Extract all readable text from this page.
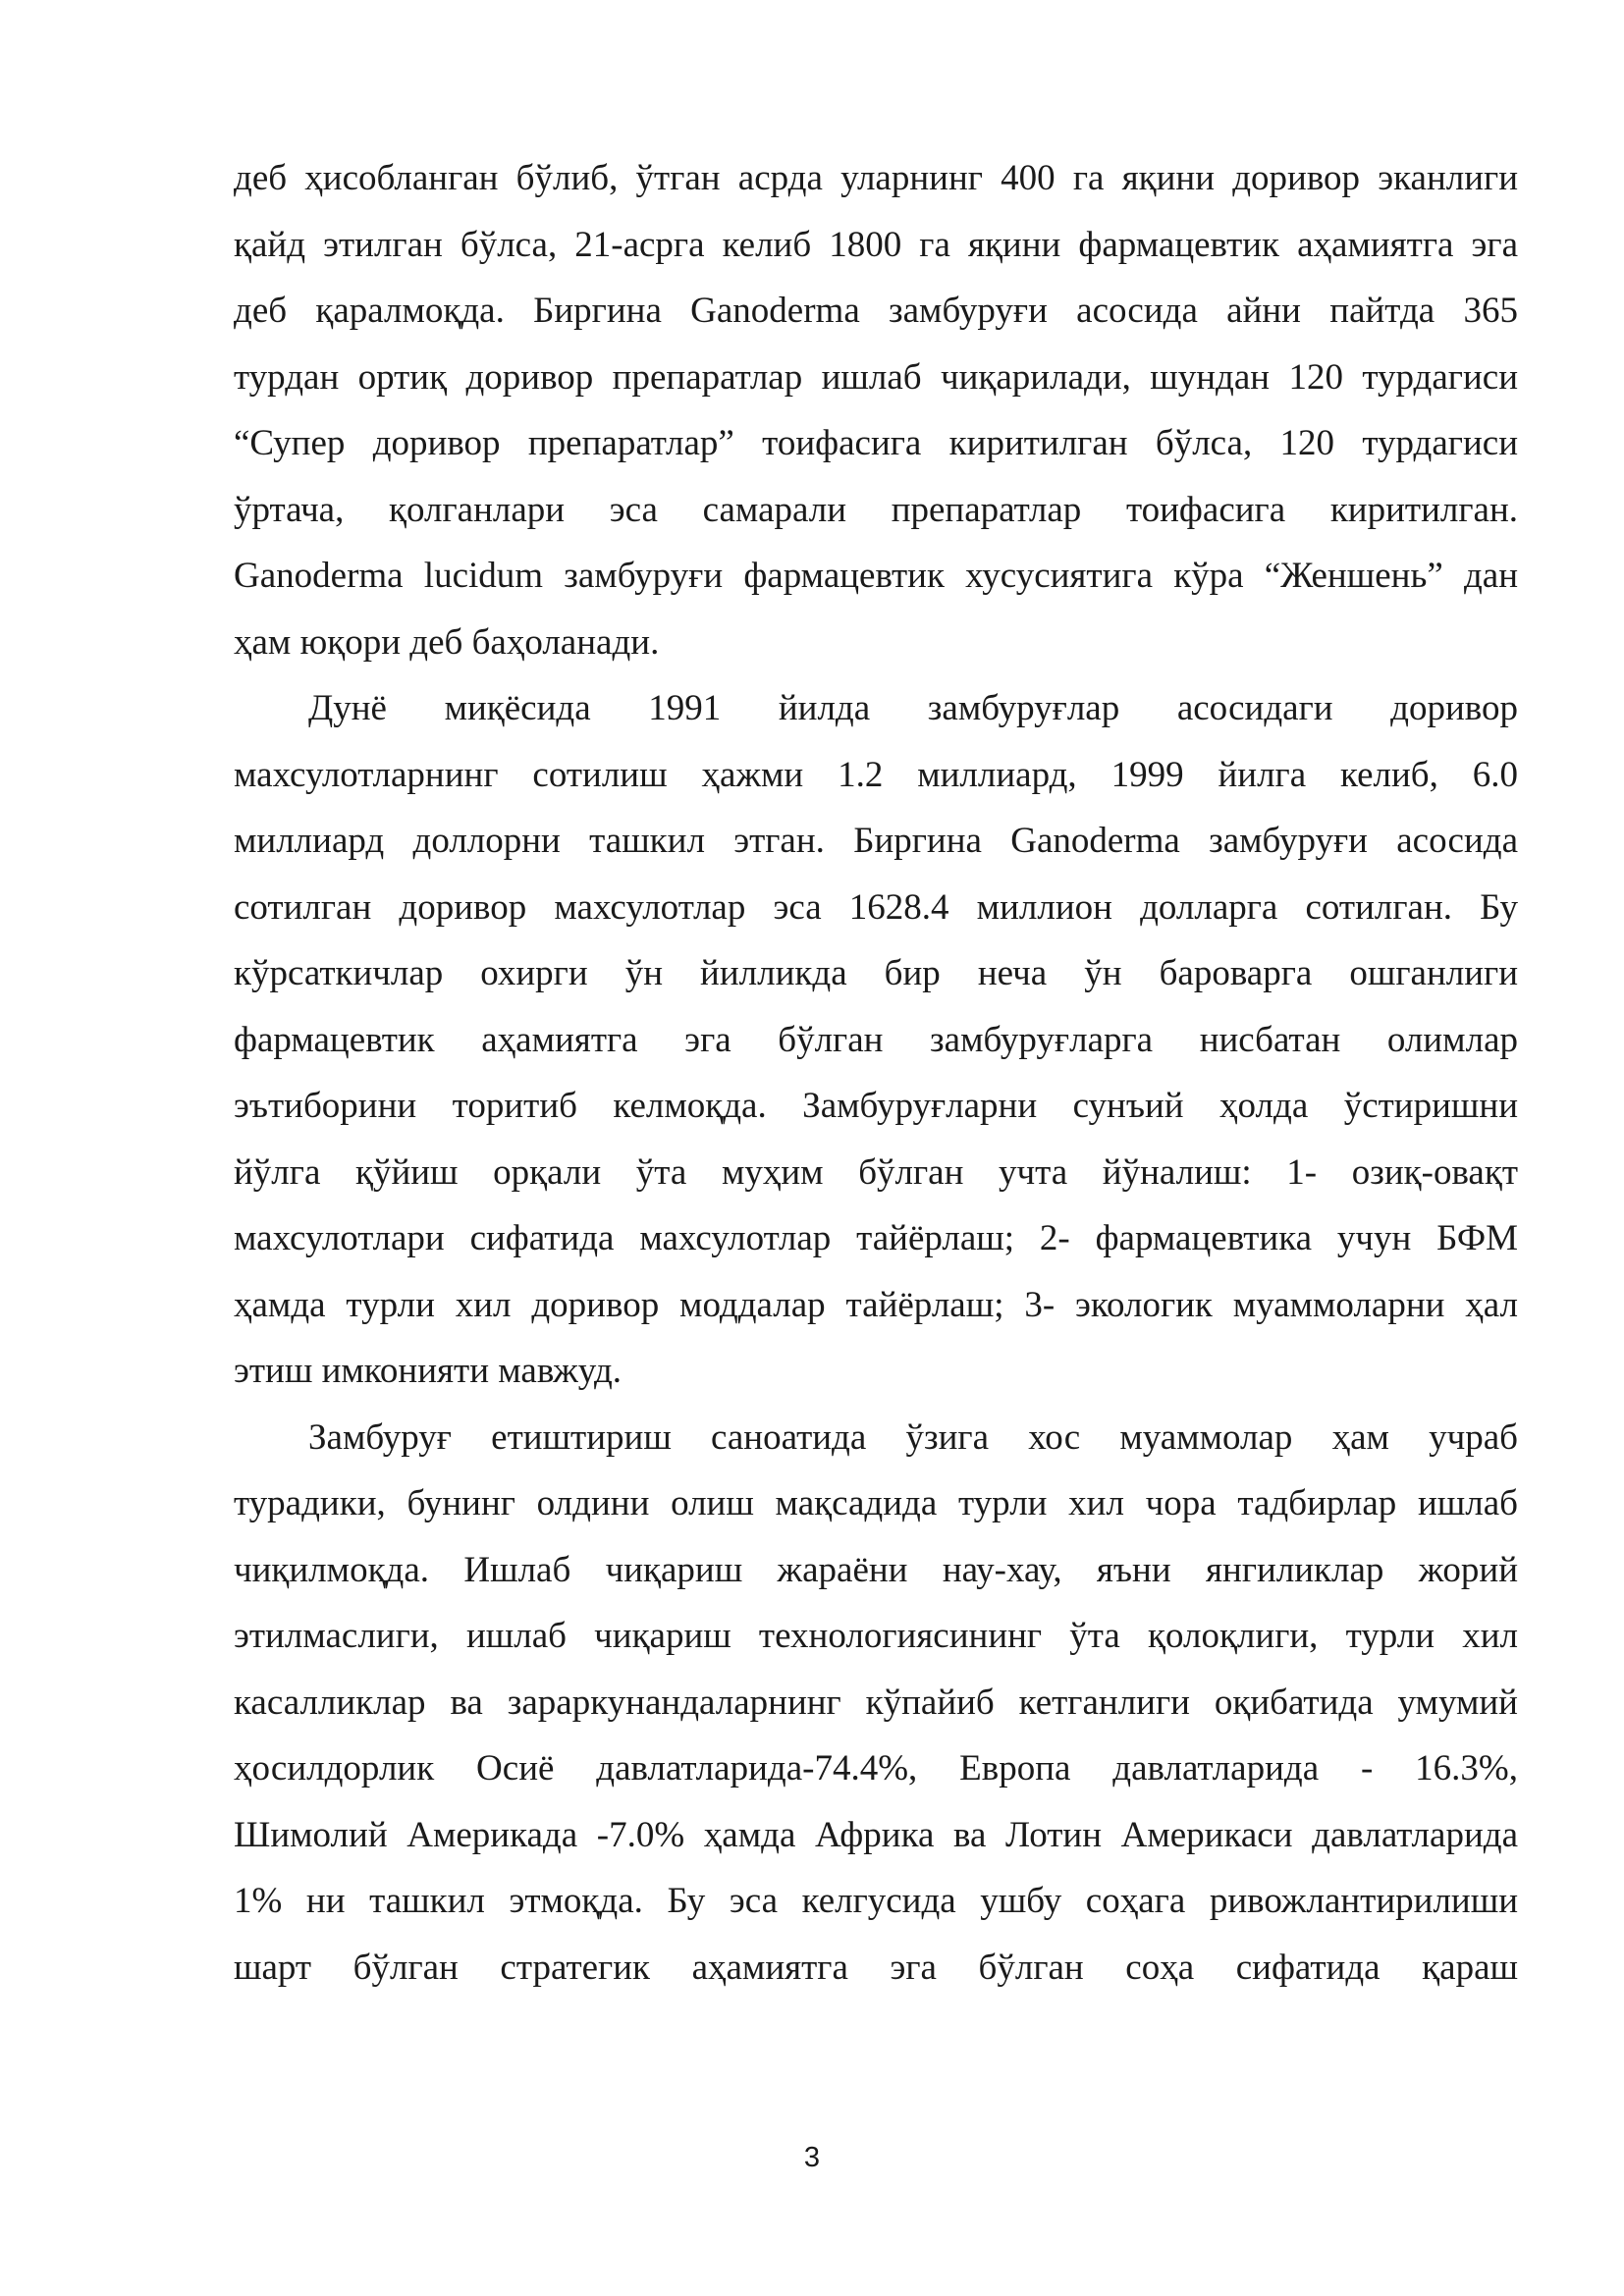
деб ҳисобланган бўлиб, ўтган асрда уларнинг 400 га яқини доривор эканлиги
қайд этилган бўлса, 21-асрга келиб 1800 га яқини фармацевтик аҳамиятга эга
деб қаралмоқда. Биргина Ganoderma замбуруғи асосида айни пайтда 365
турдан ортиқ доривор препаратлар ишлаб чиқарилади, шундан 120 турдагиси
“Супер доривор препаратлар” тоифасига киритилган бўлса, 120 турдагиси
ўртача, қолганлари эса самарали препаратлар тоифасига киритилган.
Ganoderma lucidum замбуруғи фармацевтик хусусиятига кўра “Женшень” дан
ҳам юқори деб баҳоланади.
Дунё миқёсида 1991 йилда замбуруғлар асосидаги доривор
махсулотларнинг сотилиш ҳажми 1.2 миллиард, 1999 йилга келиб, 6.0
миллиард доллорни ташкил этган. Биргина Ganoderma замбуруғи асосида
сотилган доривор махсулотлар эса 1628.4 миллион долларга сотилган. Бу
кўрсаткичлар охирги ўн йилликда бир неча ўн бароварга ошганлиги
фармацевтик аҳамиятга эга бўлган замбуруғларга нисбатан олимлар
эътиборини торитиб келмоқда. Замбуруғларни сунъий ҳолда ўстиришни
йўлга қўйиш орқали ўта муҳим бўлган учта йўналиш: 1- озиқ-овақт
махсулотлари сифатида махсулотлар тайёрлаш; 2- фармацевтика учун БФМ
ҳамда турли хил доривор моддалар тайёрлаш; 3- экологик муаммоларни ҳал
этиш имконияти мавжуд.
Замбуруғ етиштириш саноатида ўзига хос муаммолар ҳам учраб
турадики, бунинг олдини олиш мақсадида турли хил чора тадбирлар ишлаб
чиқилмоқда. Ишлаб чиқариш жараёни нау-хау, яъни янгиликлар жорий
этилмаслиги, ишлаб чиқариш технологиясининг ўта қолоқлиги, турли хил
касалликлар ва зараркунандаларнинг кўпайиб кетганлиги оқибатида умумий
ҳосилдорлик Осиё давлатларида-74.4%, Европа давлатларида - 16.3%,
Шимолий Америкада -7.0% ҳамда Африка ва Лотин Америкаси давлатларида
1% ни ташкил этмоқда. Бу эса келгусида ушбу соҳага ривожлантирилиши
шарт бўлган стратегик аҳамиятга эга бўлган соҳа сифатида қараш
3
